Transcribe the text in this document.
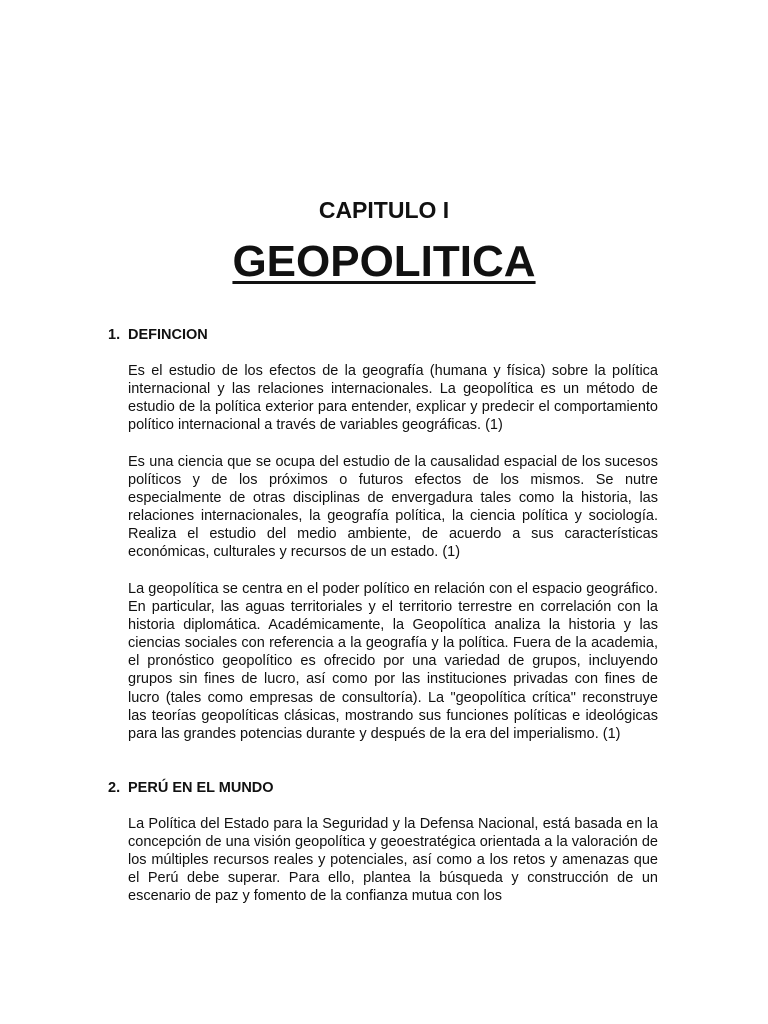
CAPITULO I
GEOPOLITICA
1. DEFINCION
Es el estudio de los efectos de la geografía (humana y física) sobre la política internacional y las relaciones internacionales. La geopolítica es un método de estudio de la política exterior para entender, explicar y predecir el comportamiento político internacional a través de variables geográficas. (1)
Es una ciencia que se ocupa del estudio de la causalidad espacial de los sucesos políticos y de los próximos o futuros efectos de los mismos. Se nutre especialmente de otras disciplinas de envergadura tales como la historia, las relaciones internacionales, la geografía política, la ciencia política y sociología. Realiza el estudio del medio ambiente, de acuerdo a sus características económicas, culturales y recursos de un estado. (1)
La geopolítica se centra en el poder político en relación con el espacio geográfico. En particular, las aguas territoriales y el territorio terrestre en correlación con la historia diplomática. Académicamente, la Geopolítica analiza la historia y las ciencias sociales con referencia a la geografía y la política. Fuera de la academia, el pronóstico geopolítico es ofrecido por una variedad de grupos, incluyendo grupos sin fines de lucro, así como por las instituciones privadas con fines de lucro (tales como empresas de consultoría). La "geopolítica crítica" reconstruye las teorías geopolíticas clásicas, mostrando sus funciones políticas e ideológicas para las grandes potencias durante y después de la era del imperialismo. (1)
2. PERÚ EN EL MUNDO
La Política del Estado para la Seguridad y la Defensa Nacional, está basada en la concepción de una visión geopolítica y geoestratégica orientada a la valoración de los múltiples recursos reales y potenciales, así como a los retos y amenazas que el Perú debe superar. Para ello, plantea la búsqueda y construcción de un escenario de paz y fomento de la confianza mutua con los
